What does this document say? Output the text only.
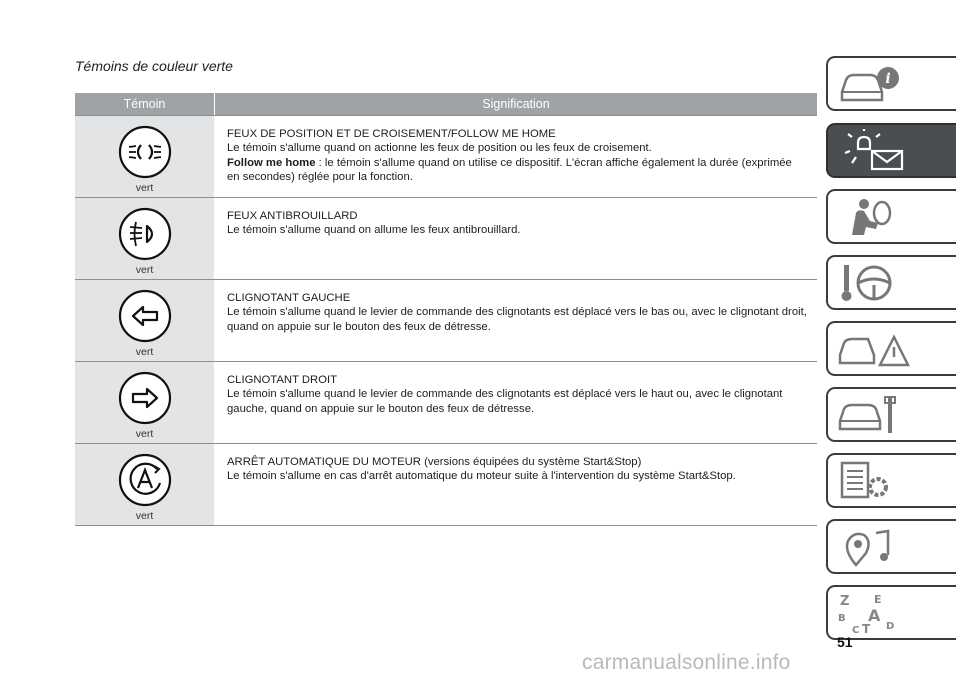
Témoins de couleur verte
Témoin	Signification
vert

FEUX DE POSITION ET DE CROISEMENT/FOLLOW ME HOME

Le témoin s'allume quand on actionne les feux de position ou les feux de croisement.

Follow me home : le témoin s'allume quand on utilise ce dispositif. L'écran affiche également la durée (exprimée en secondes) réglée pour la fonction.

vert

FEUX ANTIBROUILLARD

Le témoin s'allume quand on allume les feux antibrouillard.

vert

CLIGNOTANT GAUCHE

Le témoin s'allume quand le levier de commande des clignotants est déplacé vers le bas ou, avec le clignotant droit, quand on appuie sur le bouton des feux de détresse.

vert

CLIGNOTANT DROIT

Le témoin s'allume quand le levier de commande des clignotants est déplacé vers le haut ou, avec le clignotant gauche, quand on appuie sur le bouton des feux de détresse.

vert

ARRÊT AUTOMATIQUE DU MOTEUR (versions équipées du système Start&Stop)

Le témoin s'allume en cas d'arrêt automatique du moteur suite à l'intervention du système Start&Stop.

i
Z E
B A
C T D
51
carmanualsonline.info
